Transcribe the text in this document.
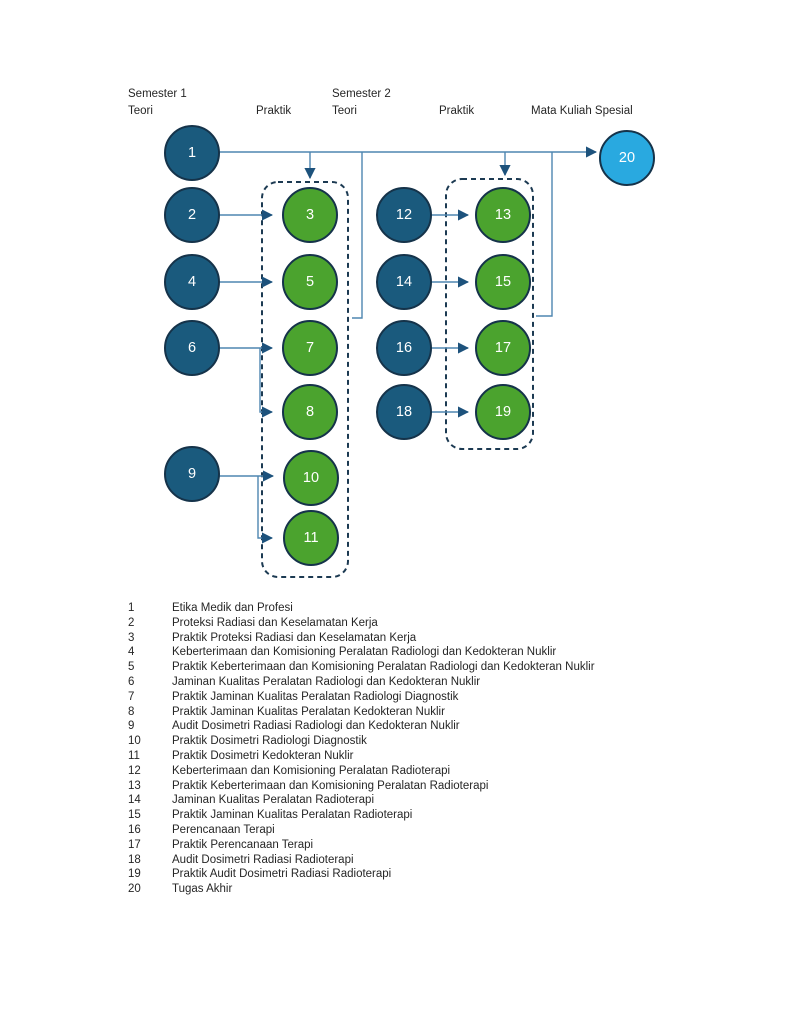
Semester 1
Teori	Praktik
Semester 2
Teori	Praktik	Mata Kuliah Spesial
1
2	3
4	5
6	7
8
9	10
11
12	13
14	15
16	17
18	19
20
1	Etika Medik dan Profesi
2	Proteksi Radiasi dan Keselamatan Kerja
3	Praktik Proteksi Radiasi dan Keselamatan Kerja
4	Keberterimaan dan Komisioning Peralatan Radiologi dan Kedokteran Nuklir
5	Praktik Keberterimaan dan Komisioning Peralatan Radiologi dan Kedokteran Nuklir
6	Jaminan Kualitas Peralatan Radiologi dan Kedokteran Nuklir
7	Praktik Jaminan Kualitas Peralatan Radiologi Diagnostik
8	Praktik Jaminan Kualitas Peralatan Kedokteran Nuklir
9	Audit Dosimetri Radiasi Radiologi dan Kedokteran Nuklir
10	Praktik Dosimetri Radiologi Diagnostik
11	Praktik Dosimetri Kedokteran Nuklir
12	Keberterimaan dan Komisioning Peralatan Radioterapi
13	Praktik Keberterimaan dan Komisioning Peralatan Radioterapi
14	Jaminan Kualitas Peralatan Radioterapi
15	Praktik Jaminan Kualitas Peralatan Radioterapi
16	Perencanaan Terapi
17	Praktik Perencanaan Terapi
18	Audit Dosimetri Radiasi Radioterapi
19	Praktik Audit Dosimetri Radiasi Radioterapi
20	Tugas Akhir
